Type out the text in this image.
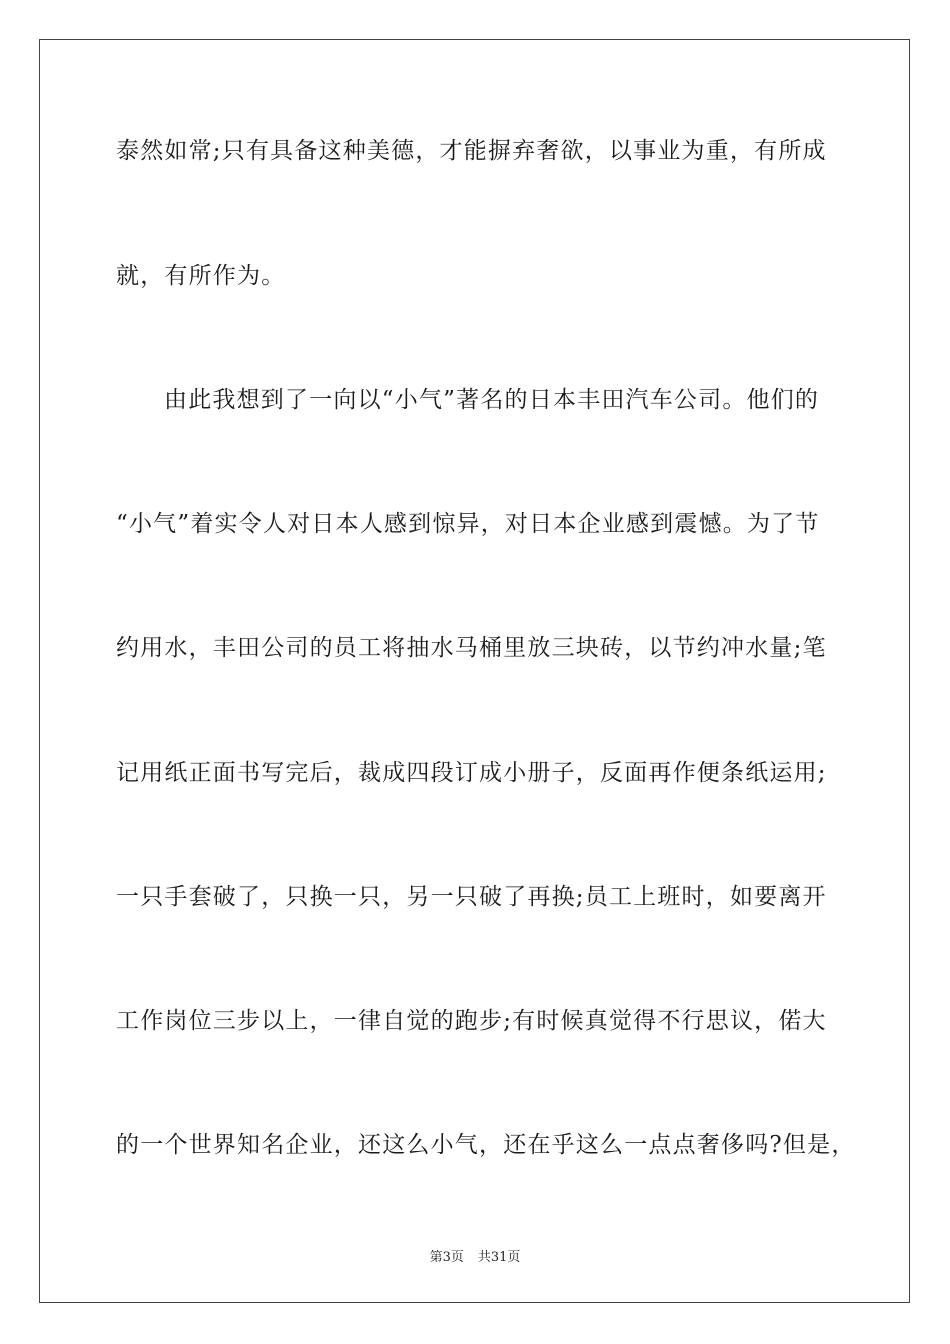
泰然如常;只有具备这种美德，才能摒弃奢欲，以事业为重，有所成
就，有所作为。
由此我想到了一向以“小气”著名的日本丰田汽车公司。他们的
“小气”着实令人对日本人感到惊异，对日本企业感到震憾。为了节
约用水，丰田公司的员工将抽水马桶里放三块砖，以节约冲水量;笔
记用纸正面书写完后，裁成四段订成小册子，反面再作便条纸运用;
一只手套破了，只换一只，另一只破了再换;员工上班时，如要离开
工作岗位三步以上，一律自觉的跑步;有时候真觉得不行思议，偌大
的一个世界知名企业，还这么小气，还在乎这么一点点奢侈吗?但是，
第3页 共31页
